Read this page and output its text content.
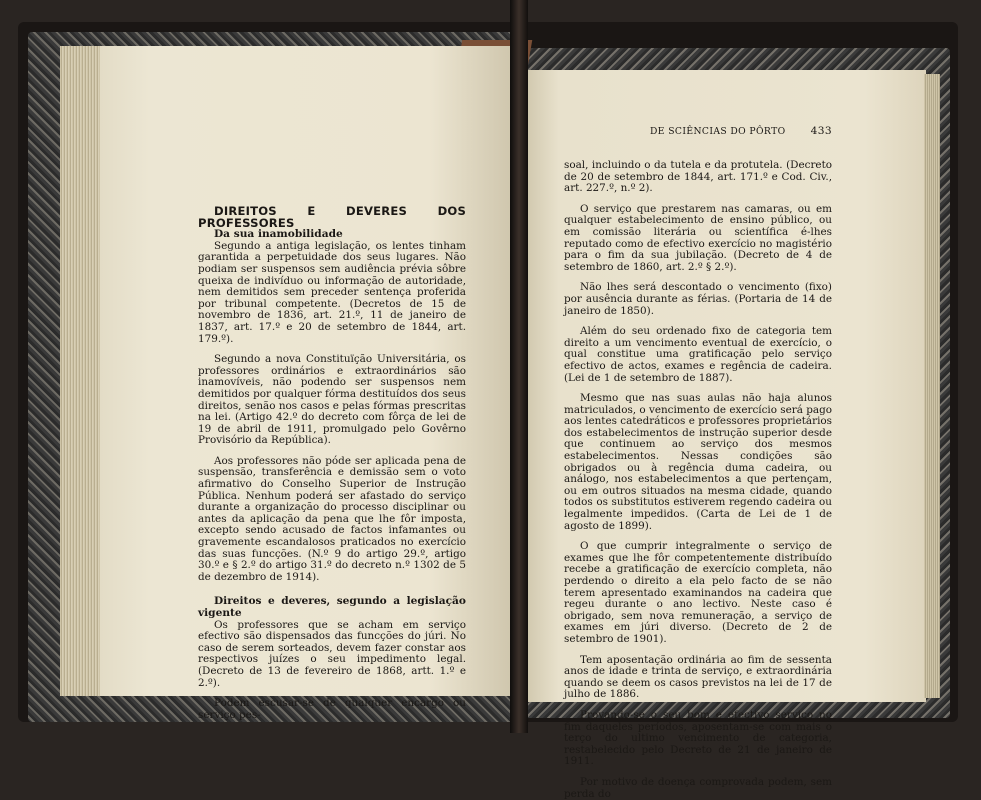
DE SCIÊNCIAS DO PÔRTO 433

DIREITOS E DEVERES DOS PROFESSORES

Da sua inamobilidade

Segundo a antiga legislação, os lentes tinham garantida a perpetuidade dos seus lugares. Não podiam ser suspensos sem audiência prévia sôbre queixa de indivíduo ou informação de autoridade, nem demitidos sem preceder sentença proferida por tribunal competente. (Decretos de 15 de novembro de 1836, art. 21.º, 11 de janeiro de 1837, art. 17.º e 20 de setembro de 1844, art. 179.º).

Segundo a nova Constituïção Universitária, os professores ordinários e extraordinários são inamovíveis, não podendo ser suspensos nem demitidos por qualquer fórma destituídos dos seus direitos, senão nos casos e pelas fórmas prescritas na lei. (Artigo 42.º do decreto com fôrça de lei de 19 de abril de 1911, promulgado pelo Govêrno Provisório da República).

Aos professores não póde ser aplicada pena de suspensão, transferência e demissão sem o voto afirmativo do Conselho Superior de Instrução Pública. Nenhum poderá ser afastado do serviço durante a organização do processo disciplinar ou antes da aplicação da pena que lhe fôr imposta, excepto sendo acusado de factos infamantes ou gravemente escandalosos praticados no exercício das suas funcções. (N.º 9 do artigo 29.º, artigo 30.º e § 2.º do artigo 31.º do decreto n.º 1302 de 5 de dezembro de 1914).

Direitos e deveres, segundo a legislação vigente

Os professores que se acham em serviço efectivo são dispensados das funcções do júri. No caso de serem sorteados, devem fazer constar aos respectivos juízes o seu impedimento legal. (Decreto de 13 de fevereiro de 1868, artt. 1.º e 2.º).

Podem escusar-se de qualquer encargo ou serviço pes-

soal, incluindo o da tutela e da protutela. (Decreto de 20 de setembro de 1844, art. 171.º e Cod. Civ., art. 227.º, n.º 2).

O serviço que prestarem nas camaras, ou em qualquer estabelecimento de ensino público, ou em comissão literária ou scientífica é-lhes reputado como de efectivo exercício no magistério para o fim da sua jubilação. (Decreto de 4 de setembro de 1860, art. 2.º § 2.º).

Não lhes será descontado o vencimento (fixo) por ausência durante as férias. (Portaria de 14 de janeiro de 1850).

Além do seu ordenado fixo de categoria tem direito a um vencimento eventual de exercício, o qual constitue uma gratificação pelo serviço efectivo de actos, exames e regência de cadeira. (Lei de 1 de setembro de 1887).

Mesmo que nas suas aulas não haja alunos matriculados, o vencimento de exercício será pago aos lentes catedráticos e professores proprietários dos estabelecimentos de instrução superior desde que continuem ao serviço dos mesmos estabelecimentos. Nessas condições são obrigados ou à regência duma cadeira, ou análogo, nos estabelecimentos a que pertençam, ou em outros situados na mesma cidade, quando todos os substitutos estiverem regendo cadeira ou legalmente impedidos. (Carta de Lei de 1 de agosto de 1899).

O que cumprir integralmente o serviço de exames que lhe fôr competentemente distribuído recebe a gratificação de exercício completa, não perdendo o direito a ela pelo facto de se não terem apresentado examinandos na cadeira que regeu durante o ano lectivo. Neste caso é obrigado, sem nova remuneração, a serviço de exames em júri diverso. (Decreto de 2 de setembro de 1901).

Tem aposentação ordinária ao fim de sessenta anos de idade e trinta de serviço, e extraordinária quando se deem os casos previstos na lei de 17 de julho de 1886.

Provando-se o seu bom e efectivo serviço no fim daqueles períodos, aposentam-se com mais o terço do ultimo vencimento de categoria, restabelecido pelo Decreto de 21 de janeiro de 1911.

Por motivo de doença comprovada podem, sem perda do
